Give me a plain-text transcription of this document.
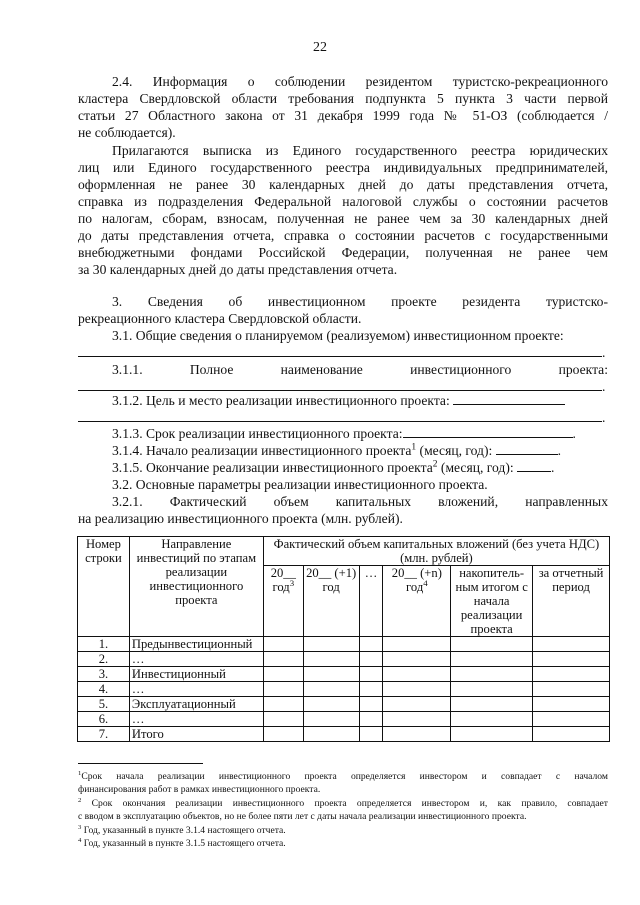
22
2.4. Информация о соблюдении резидентом туристско-рекреационного
кластера Свердловской области требования подпункта 5 пункта 3 части первой
статьи 27 Областного закона от 31 декабря 1999 года № 51-ОЗ (соблюдается /
не соблюдается).
Прилагаются выписка из Единого государственного реестра юридических
лиц или Единого государственного реестра индивидуальных предпринимателей,
оформленная не ранее 30 календарных дней до даты представления отчета,
справка из подразделения Федеральной налоговой службы о состоянии расчетов
по налогам, сборам, взносам, полученная не ранее чем за 30 календарных дней
до даты представления отчета, справка о состоянии расчетов с государственными
внебюджетными фондами Российской Федерации, полученная не ранее чем
за 30 календарных дней до даты представления отчета.
3. Сведения об инвестиционном проекте резидента туристско-
рекреационного кластера Свердловской области.
3.1. Общие сведения о планируемом (реализуемом) инвестиционном проекте:
.
3.1.1. Полное наименование инвестиционного проекта:
.
3.1.2. Цель и место реализации инвестиционного проекта:
.
3.1.3. Срок реализации инвестиционного проекта:	.
3.1.4. Начало реализации инвестиционного проекта$^1$ (месяц, год):	.
3.1.5. Окончание реализации инвестиционного проекта$^2$ (месяц, год):	.
3.2. Основные параметры реализации инвестиционного проекта.
3.2.1. Фактический объем капитальных вложений, направленных
на реализацию инвестиционного проекта (млн. рублей).
Номер строки	Направление инвестиций по этапам реализации инвестиционного проекта	Фактический объем капитальных вложений (без учета НДС) (млн. рублей)					
		20__ год$^3$	20__ (+1) год	…	20__ (+n) год$^4$	накопитель-ным итогом с начала реализации проекта	за отчетный период
1.	Предынвестиционный						
2.	…						
3.	Инвестиционный						
4.	…						
5.	Эксплуатационный						
6.	…						
7.	Итого						
$^1$Срок начала реализации инвестиционного проекта определяется инвестором и совпадает с началом
финансирования работ в рамках инвестиционного проекта.
$^2$ Срок окончания реализации инвестиционного проекта определяется инвестором и, как правило, совпадает
с вводом в эксплуатацию объектов, но не более пяти лет с даты начала реализации инвестиционного проекта.
$^3$ Год, указанный в пункте 3.1.4 настоящего отчета.
$^4$ Год, указанный в пункте 3.1.5 настоящего отчета.
